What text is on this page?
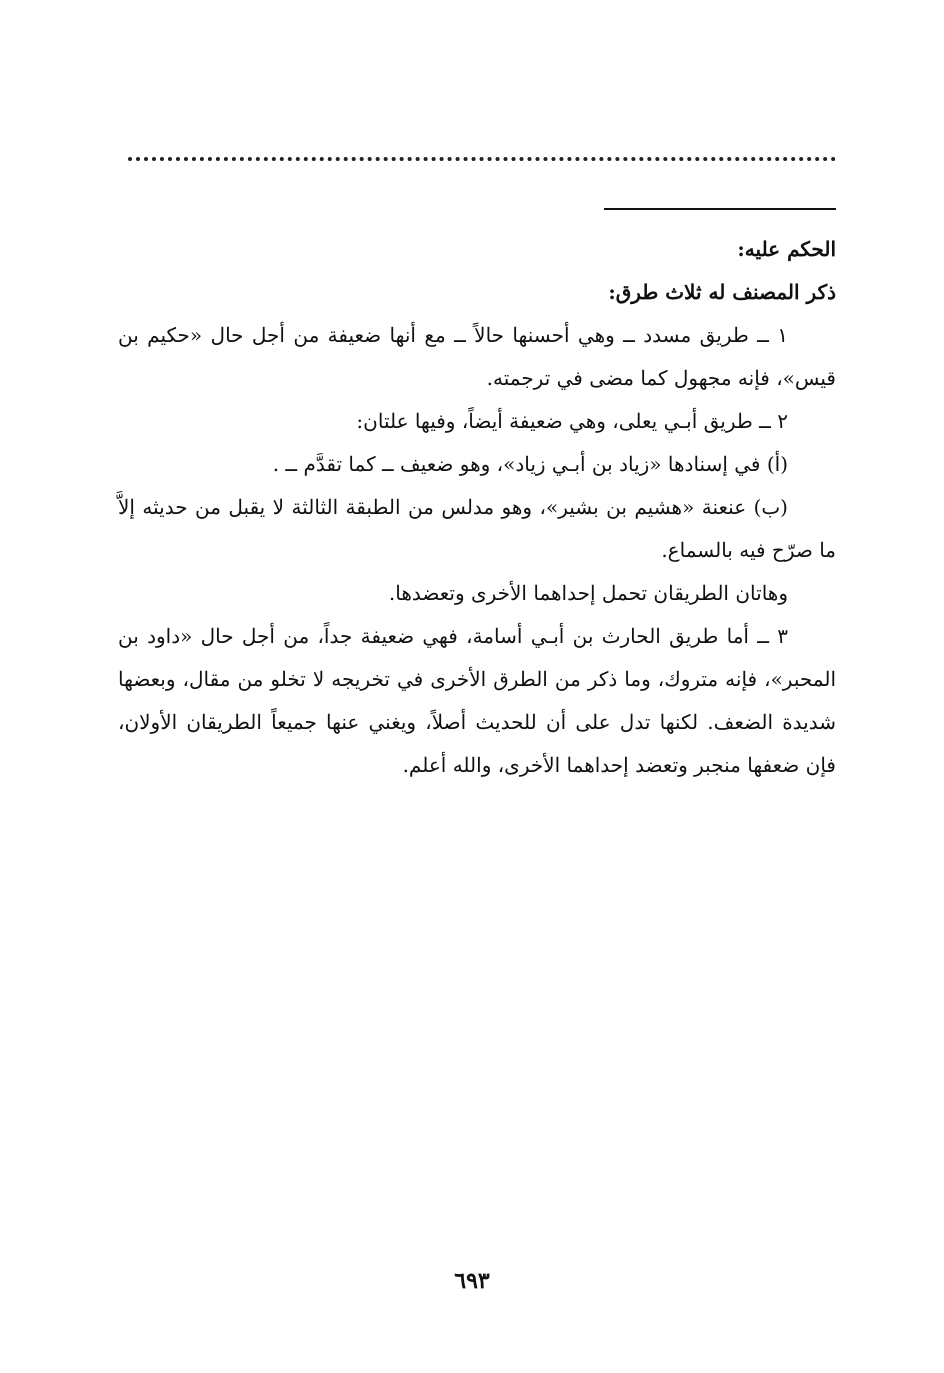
الحكم عليه:

ذكر المصنف له ثلاث طرق:

١ ــ طريق مسدد ــ وهي أحسنها حالاً ــ مع أنها ضعيفة من أجل حال «حكيم بن قيس»، فإنه مجهول كما مضى في ترجمته.

٢ ــ طريق أبـي يعلى، وهي ضعيفة أيضاً، وفيها علتان:

(أ) في إسنادها «زياد بن أبـي زياد»، وهو ضعيف ــ كما تقدَّم ــ .

(ب) عنعنة «هشيم بن بشير»، وهو مدلس من الطبقة الثالثة لا يقبل من حديثه إلاَّ ما صرّح فيه بالسماع.

وهاتان الطريقان تحمل إحداهما الأخرى وتعضدها.

٣ ــ أما طريق الحارث بن أبـي أسامة، فهي ضعيفة جداً، من أجل حال «داود بن المحبر»، فإنه متروك، وما ذكر من الطرق الأخرى في تخريجه لا تخلو من مقال، وبعضها شديدة الضعف. لكنها تدل على أن للحديث أصلاً، ويغني عنها جميعاً الطريقان الأولان، فإن ضعفها منجبر وتعضد إحداهما الأخرى، والله أعلم.

٦٩٣
